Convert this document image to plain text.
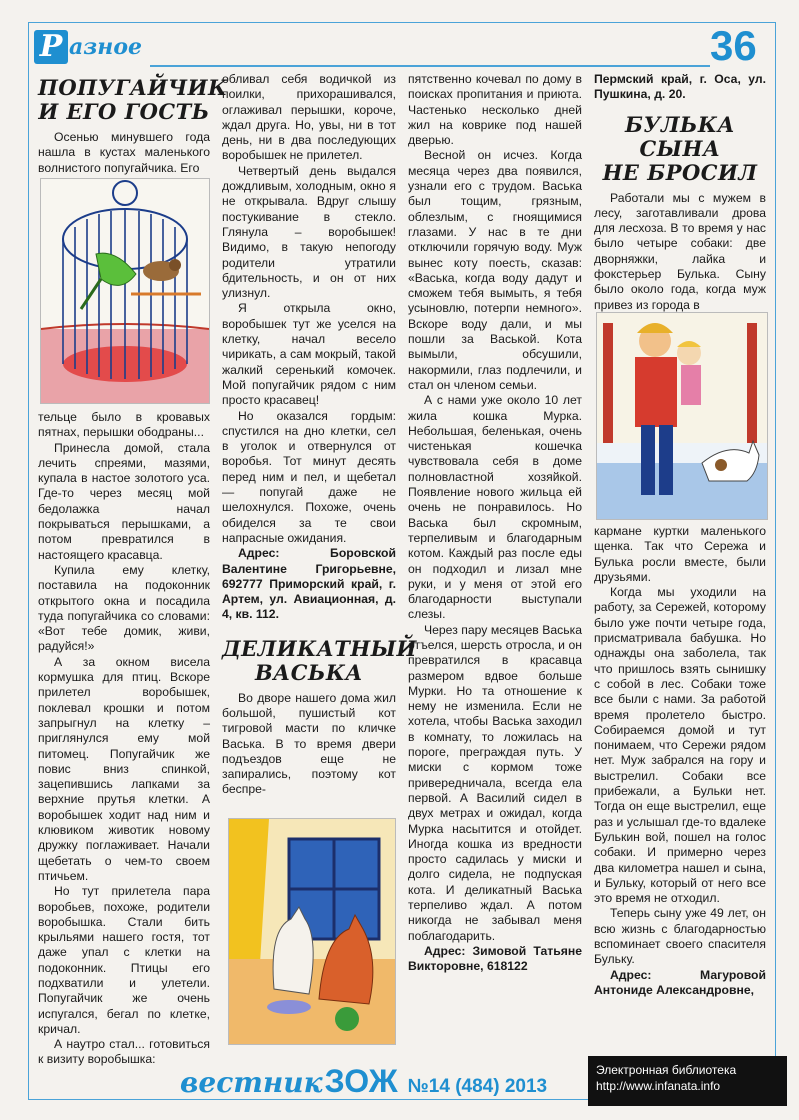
Р азное	36
ПОПУГАЙЧИК
И ЕГО ГОСТЬ

Осенью минувшего года нашла в кустах маленького волнистого попугайчика. Его

тельце было в кровавых пятнах, перышки ободраны...

Принесла домой, стала лечить спреями, мазями, купала в настое золотого уса. Где-то через месяц мой бедолажка начал покрываться перышками, а потом превратился в настоящего красавца.

Купила ему клетку, поставила на подоконник открытого окна и посадила туда попугайчика со словами: «Вот тебе домик, живи, радуйся!»

А за окном висела кормушка для птиц. Вскоре прилетел воробышек, поклевал крошки и потом запрыгнул на клетку – приглянулся ему мой питомец. Попугайчик же повис вниз спинкой, зацепившись лапками за верхние прутья клетки. А воробышек ходит над ним и клювиком животик новому дружку поглаживает. Начали щебетать о чем-то своем птичьем.

Но тут прилетела пара воробьев, похоже, родители воробышка. Стали бить крыльями нашего гостя, тот даже упал с клетки на подоконник. Птицы его подхватили и улетели. Попугайчик же очень испугался, бегал по клетке, кричал.

А наутро стал... готовиться к визиту воробышка:

обливал себя водичкой из поилки, прихорашивался, оглаживал перышки, короче, ждал друга. Но, увы, ни в тот день, ни в два последующих воробышек не прилетел.

Четвертый день выдался дождливым, холодным, окно я не открывала. Вдруг слышу постукивание в стекло. Глянула – воробышек! Видимо, в такую непогоду родители утратили бдительность, и он от них улизнул.

Я открыла окно, воробышек тут же уселся на клетку, начал весело чирикать, а сам мокрый, такой жалкий серенький комочек. Мой попугайчик рядом с ним просто красавец!

Но оказался гордым: спустился на дно клетки, сел в уголок и отвернулся от воробья. Тот минут десять перед ним и пел, и щебетал — попугай даже не шелохнулся. Похоже, очень обиделся за те свои напрасные ожидания.

Адрес: Боровской Валентине Григорьевне, 692777 Приморский край, г. Артем, ул. Авиационная, д. 4, кв. 112.

ДЕЛИКАТНЫЙ
ВАСЬКА

Во дворе нашего дома жил большой, пушистый кот тигровой масти по кличке Васька. В то время двери подъездов еще не запирались, поэтому кот беспре-

пятственно кочевал по дому в поисках пропитания и приюта. Частенько несколько дней жил на коврике под нашей дверью.

Весной он исчез. Когда месяца через два появился, узнали его с трудом. Васька был тощим, грязным, облезлым, с гноящимися глазами. У нас в те дни отключили горячую воду. Муж вынес коту поесть, сказав: «Васька, когда воду дадут и сможем тебя вымыть, я тебя усыновлю, потерпи немного». Вскоре воду дали, и мы пошли за Васькой. Кота вымыли, обсушили, накормили, глаз подлечили, и стал он членом семьи.

А с нами уже около 10 лет жила кошка Мурка. Небольшая, беленькая, очень чистенькая кошечка чувствовала себя в доме полновластной хозяйкой. Появление нового жильца ей очень не понравилось. Но Васька был скромным, терпеливым и благодарным котом. Каждый раз после еды он подходил и лизал мне руки, и у меня от этой его благодарности выступали слезы.

Через пару месяцев Васька отъелся, шерсть отросла, и он превратился в красавца размером вдвое больше Мурки. Но та отношение к нему не изменила. Если не хотела, чтобы Васька заходил в комнату, то ложилась на пороге, преграждая путь. У миски с кормом тоже привередничала, всегда ела первой. А Василий сидел в двух метрах и ожидал, когда Мурка насытится и отойдет. Иногда кошка из вредности просто садилась у миски и долго сидела, не подпуская кота. И деликатный Васька терпеливо ждал. А потом никогда не забывал меня поблагодарить.

Адрес: Зимовой Татьяне Викторовне, 618122

Пермский край, г. Оса, ул. Пушкина, д. 20.

БУЛЬКА СЫНА
НЕ БРОСИЛ

Работали мы с мужем в лесу, заготавливали дрова для лесхоза. В то время у нас было четыре собаки: две дворняжки, лайка и фокстерьер Булька. Сыну было около года, когда муж привез из города в

кармане куртки маленького щенка. Так что Сережа и Булька росли вместе, были друзьями.

Когда мы уходили на работу, за Сережей, которому было уже почти четыре года, присматривала бабушка. Но однажды она заболела, так что пришлось взять сынишку с собой в лес. Собаки тоже все были с нами. За работой время пролетело быстро. Собираемся домой и тут понимаем, что Сережи рядом нет. Муж забрался на гору и выстрелил. Собаки все прибежали, а Бульки нет. Тогда он еще выстрелил, еще раз и услышал где-то вдалеке Булькин вой, пошел на голос собаки. И примерно через два километра нашел и сына, и Бульку, который от него все это время не отходил.

Теперь сыну уже 49 лет, он всю жизнь с благодарностью вспоминает своего спасителя Бульку.

Адрес: Магуровой Антониде Александровне,

вестник ЗОЖ №14 (484) 2013
Электронная библиотека
http://www.infanata.info
